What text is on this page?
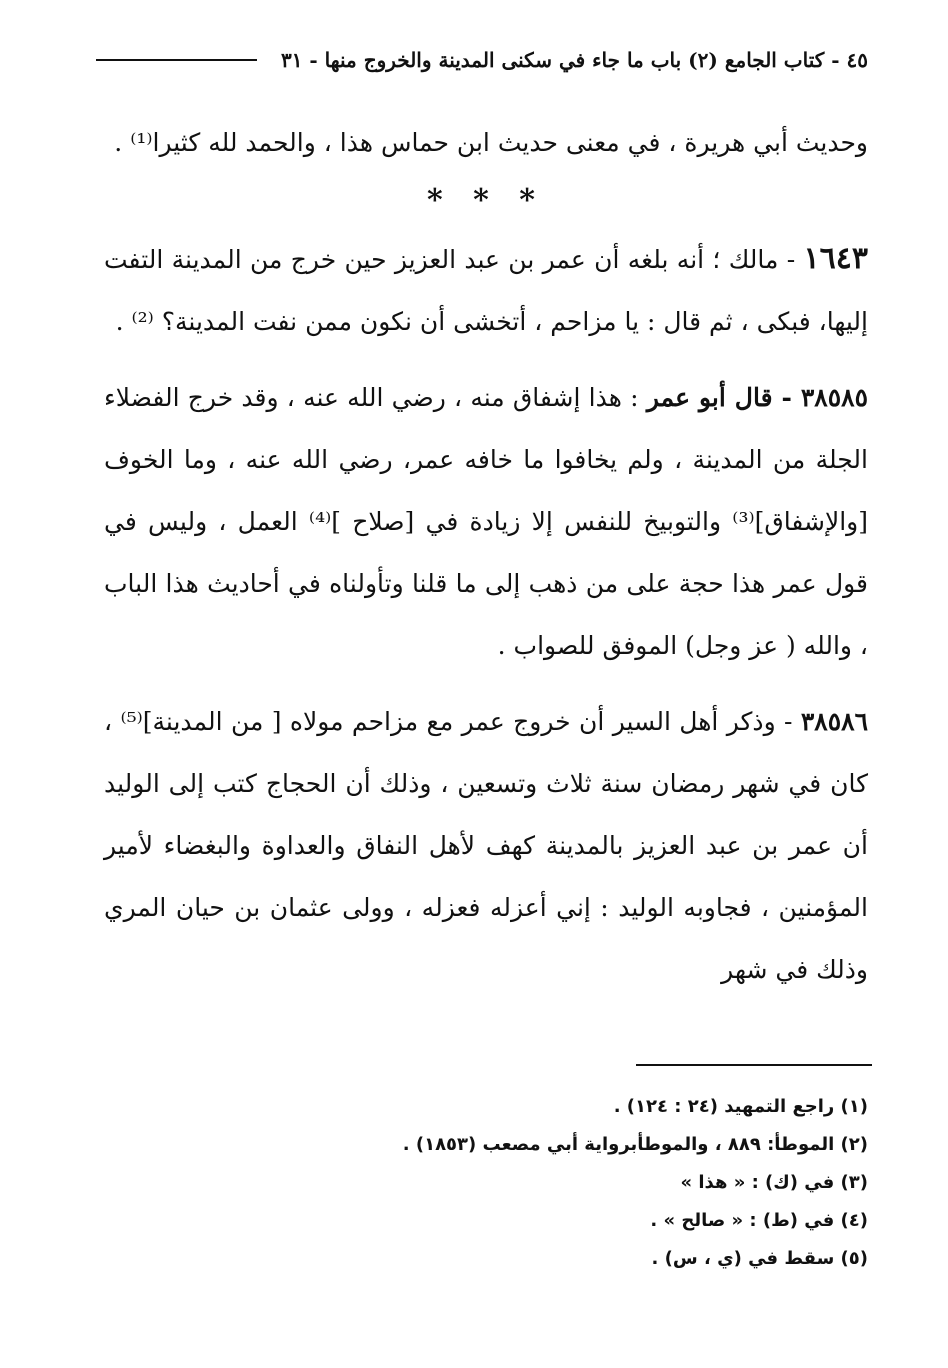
٤٥ - كتاب الجامع (٢) باب ما جاء في سكنى المدينة والخروج منها - ٣١

وحديث أبي هريرة ، في معنى حديث ابن حماس هذا ، والحمد لله كثيرا⁽¹⁾ .

* * *

١٦٤٣ - مالك ؛ أنه بلغه أن عمر بن عبد العزيز حين خرج من المدينة التفت إليها، فبكى ، ثم قال : يا مزاحم ، أتخشى أن نكون ممن نفت المدينة؟ ⁽²⁾ .

٣٨٥٨٥ - قال أبو عمر : هذا إشفاق منه ، رضي الله عنه ، وقد خرج الفضلاء الجلة من المدينة ، ولم يخافوا ما خافه عمر، رضي الله عنه ، وما الخوف [والإشفاق]⁽³⁾ والتوبيخ للنفس إلا زيادة في [صلاح ]⁽⁴⁾ العمل ، وليس في قول عمر هذا حجة على من ذهب إلى ما قلنا وتأولناه في أحاديث هذا الباب ، والله ( عز وجل) الموفق للصواب .

٣٨٥٨٦ - وذكر أهل السير أن خروج عمر مع مزاحم مولاه [ من المدينة]⁽⁵⁾ ، كان في شهر رمضان سنة ثلاث وتسعين ، وذلك أن الحجاج كتب إلى الوليد أن عمر بن عبد العزيز بالمدينة كهف لأهل النفاق والعداوة والبغضاء لأمير المؤمنين ، فجاوبه الوليد : إني أعزله فعزله ، وولى عثمان بن حيان المري وذلك في شهر

(١) راجع التمهيد (٢٤ : ١٢٤) .

(٢) الموطأ: ٨٨٩ ، والموطأبرواية أبي مصعب (١٨٥٣) .

(٣) في (ك) : « هذا »

(٤) في (ط) : « صالح » .

(٥) سقط في (ي ، س) .
